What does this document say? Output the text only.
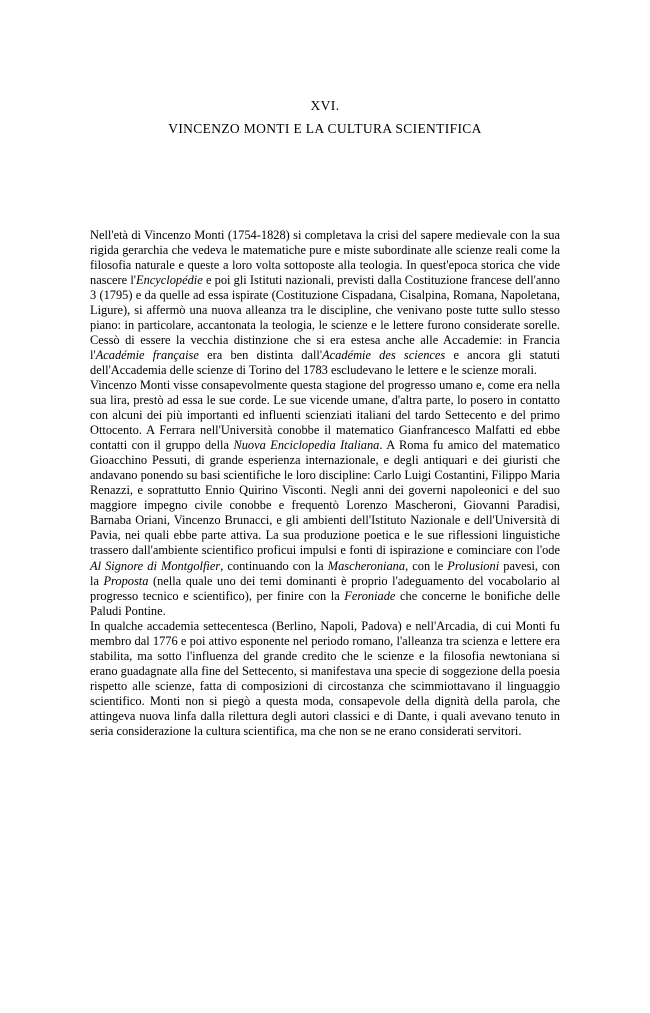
XVI.
VINCENZO MONTI E LA CULTURA SCIENTIFICA

Nell'età di Vincenzo Monti (1754-1828) si completava la crisi del sapere medievale con la sua rigida gerarchia che vedeva le matematiche pure e miste subordinate alle scienze reali come la filosofia naturale e queste a loro volta sottoposte alla teologia. In quest'epoca storica che vide nascere l'Encyclopédie e poi gli Istituti nazionali, previsti dalla Costituzione francese dell'anno 3 (1795) e da quelle ad essa ispirate (Costituzione Cispadana, Cisalpina, Romana, Napoletana, Ligure), si affermò una nuova alleanza tra le discipline, che venivano poste tutte sullo stesso piano: in particolare, accantonata la teologia, le scienze e le lettere furono considerate sorelle. Cessò di essere la vecchia distinzione che si era estesa anche alle Accademie: in Francia l'Académie française era ben distinta dall'Académie des sciences e ancora gli statuti dell'Accademia delle scienze di Torino del 1783 escludevano le lettere e le scienze morali.

Vincenzo Monti visse consapevolmente questa stagione del progresso umano e, come era nella sua lira, prestò ad essa le sue corde. Le sue vicende umane, d'altra parte, lo posero in contatto con alcuni dei più importanti ed influenti scienziati italiani del tardo Settecento e del primo Ottocento. A Ferrara nell'Università conobbe il matematico Gianfrancesco Malfatti ed ebbe contatti con il gruppo della Nuova Enciclopedia Italiana. A Roma fu amico del matematico Gioacchino Pessuti, di grande esperienza internazionale, e degli antiquari e dei giuristi che andavano ponendo su basi scientifiche le loro discipline: Carlo Luigi Costantini, Filippo Maria Renazzi, e soprattutto Ennio Quirino Visconti. Negli anni dei governi napoleonici e del suo maggiore impegno civile conobbe e frequentò Lorenzo Mascheroni, Giovanni Paradisi, Barnaba Oriani, Vincenzo Brunacci, e gli ambienti dell'Istituto Nazionale e dell'Università di Pavia, nei quali ebbe parte attiva. La sua produzione poetica e le sue riflessioni linguistiche trassero dall'ambiente scientifico proficui impulsi e fonti di ispirazione e cominciare con l'ode Al Signore di Montgolfier, continuando con la Mascheroniana, con le Prolusioni pavesi, con la Proposta (nella quale uno dei temi dominanti è proprio l'adeguamento del vocabolario al progresso tecnico e scientifico), per finire con la Feroniade che concerne le bonifiche delle Paludi Pontine.

In qualche accademia settecentesca (Berlino, Napoli, Padova) e nell'Arcadia, di cui Monti fu membro dal 1776 e poi attivo esponente nel periodo romano, l'alleanza tra scienza e lettere era stabilita, ma sotto l'influenza del grande credito che le scienze e la filosofia newtoniana si erano guadagnate alla fine del Settecento, si manifestava una specie di soggezione della poesia rispetto alle scienze, fatta di composizioni di circostanza che scimmiottavano il linguaggio scientifico. Monti non si piegò a questa moda, consapevole della dignità della parola, che attingeva nuova linfa dalla rilettura degli autori classici e di Dante, i quali avevano tenuto in seria considerazione la cultura scientifica, ma che non se ne erano considerati servitori.
